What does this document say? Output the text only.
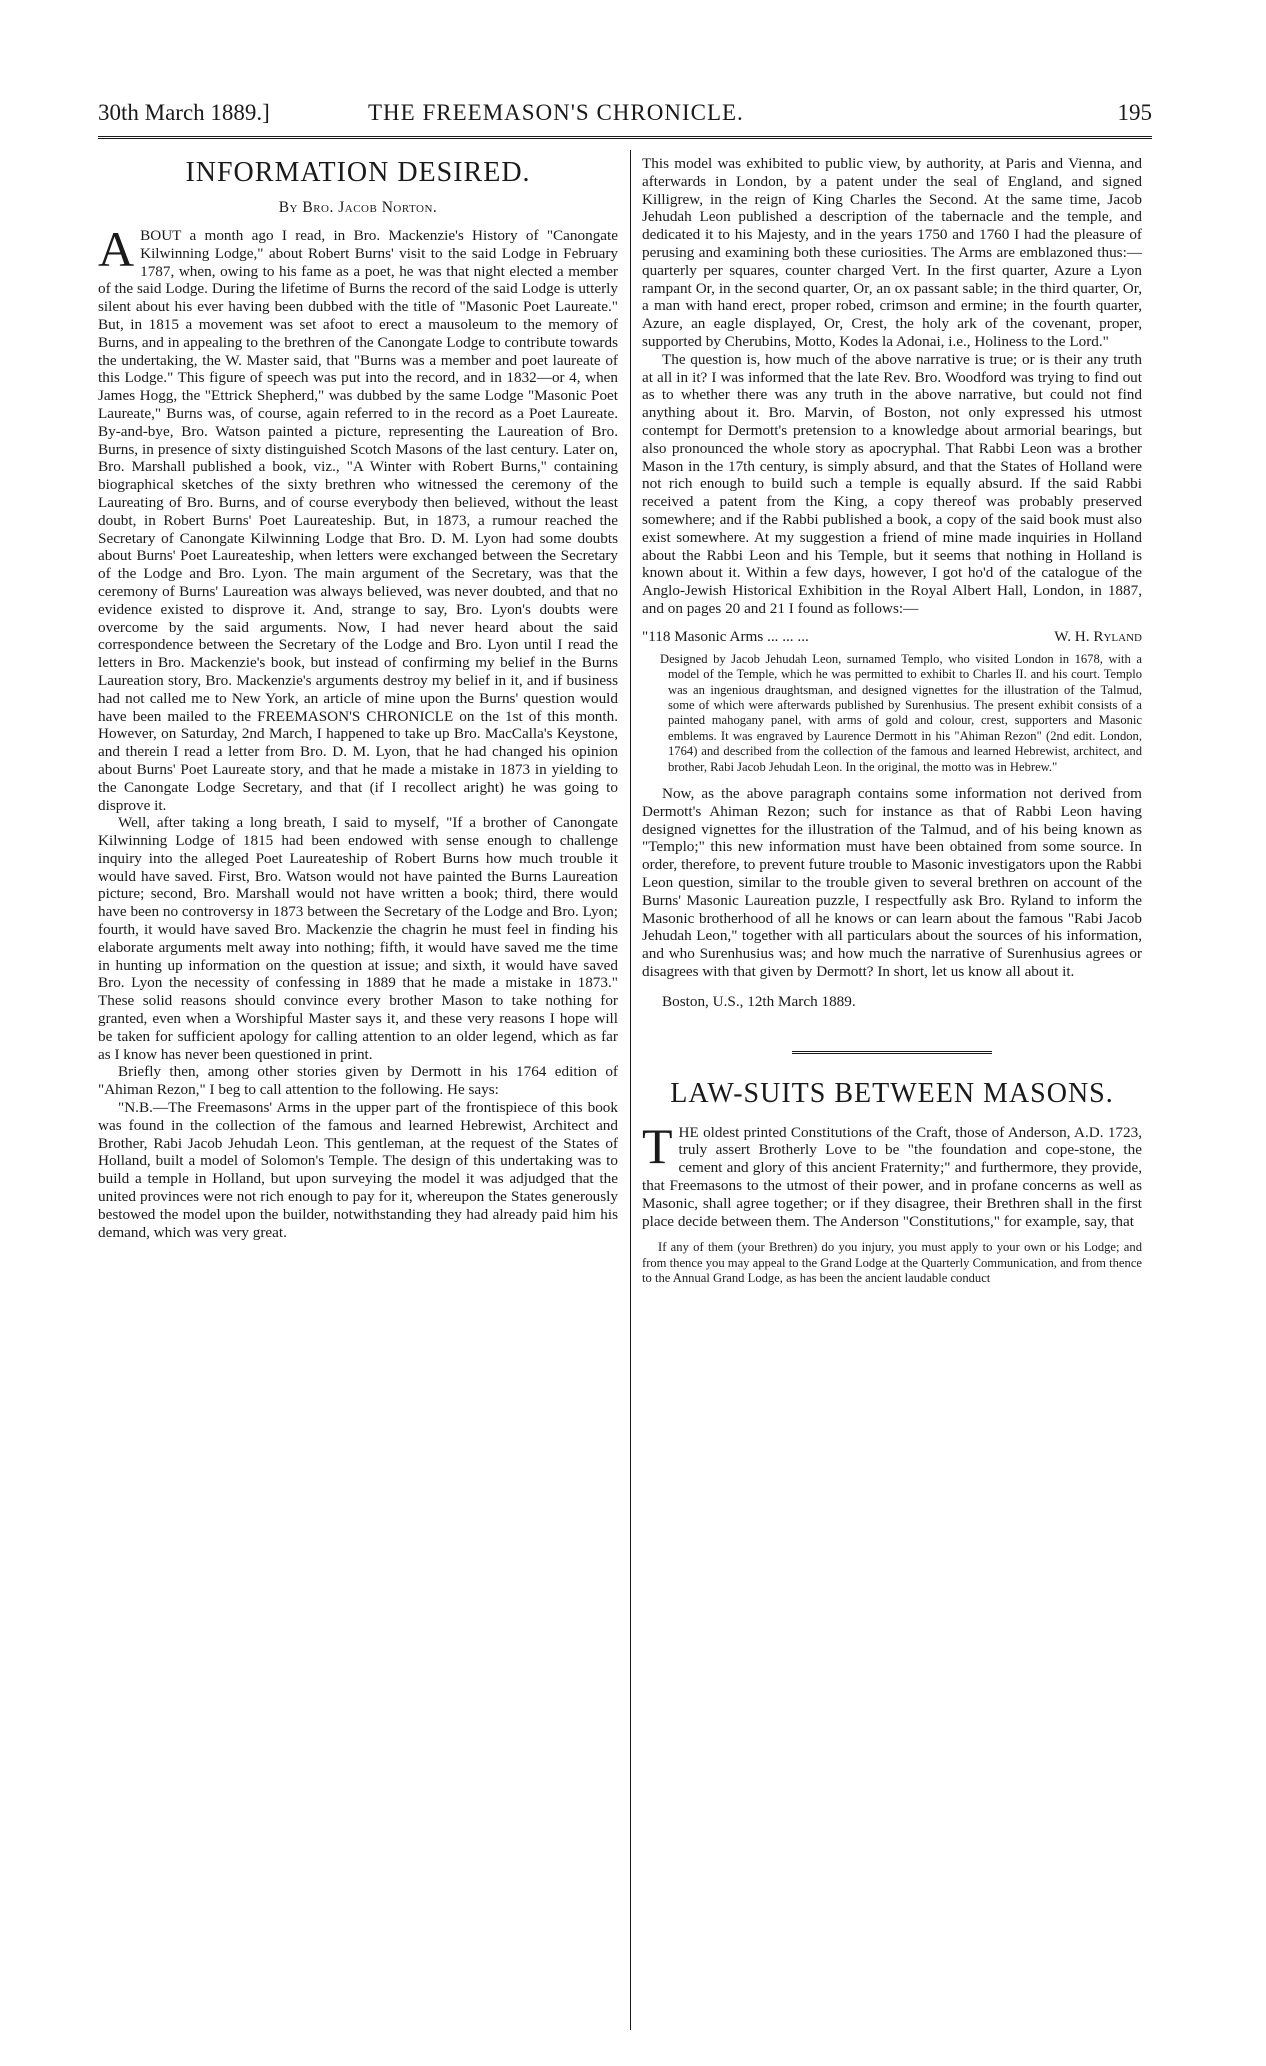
30th March 1889.]	THE FREEMASON'S CHRONICLE.	195
INFORMATION DESIRED.
By Bro. Jacob Norton.
A BOUT a month ago I read, in Bro. Mackenzie's History of "Canongate Kilwinning Lodge," about Robert Burns' visit to the said Lodge in February 1787, when, owing to his fame as a poet, he was that night elected a member of the said Lodge. During the lifetime of Burns the record of the said Lodge is utterly silent about his ever having been dubbed with the title of "Masonic Poet Laureate." But, in 1815 a movement was set afoot to erect a mausoleum to the memory of Burns, and in appealing to the brethren of the Canongate Lodge to contribute towards the undertaking, the W. Master said, that "Burns was a member and poet laureate of this Lodge." This figure of speech was put into the record, and in 1832—or 4, when James Hogg, the "Ettrick Shepherd," was dubbed by the same Lodge "Masonic Poet Laureate," Burns was, of course, again referred to in the record as a Poet Laureate. By-and-bye, Bro. Watson painted a picture, representing the Laureation of Bro. Burns, in presence of sixty distinguished Scotch Masons of the last century. Later on, Bro. Marshall published a book, viz., "A Winter with Robert Burns," containing biographical sketches of the sixty brethren who witnessed the ceremony of the Laureating of Bro. Burns, and of course everybody then believed, without the least doubt, in Robert Burns' Poet Laureateship. But, in 1873, a rumour reached the Secretary of Canongate Kilwinning Lodge that Bro. D. M. Lyon had some doubts about Burns' Poet Laureateship, when letters were exchanged between the Secretary of the Lodge and Bro. Lyon. The main argument of the Secretary, was that the ceremony of Burns' Laureation was always believed, was never doubted, and that no evidence existed to disprove it. And, strange to say, Bro. Lyon's doubts were overcome by the said arguments. Now, I had never heard about the said correspondence between the Secretary of the Lodge and Bro. Lyon until I read the letters in Bro. Mackenzie's book, but instead of confirming my belief in the Burns Laureation story, Bro. Mackenzie's arguments destroy my belief in it, and if business had not called me to New York, an article of mine upon the Burns' question would have been mailed to the FREEMASON'S CHRONICLE on the 1st of this month. However, on Saturday, 2nd March, I happened to take up Bro. MacCalla's Keystone, and therein I read a letter from Bro. D. M. Lyon, that he had changed his opinion about Burns' Poet Laureate story, and that he made a mistake in 1873 in yielding to the Canongate Lodge Secretary, and that (if I recollect aright) he was going to disprove it.

Well, after taking a long breath, I said to myself, "If a brother of Canongate Kilwinning Lodge of 1815 had been endowed with sense enough to challenge inquiry into the alleged Poet Laureateship of Robert Burns how much trouble it would have saved. First, Bro. Watson would not have painted the Burns Laureation picture; second, Bro. Marshall would not have written a book; third, there would have been no controversy in 1873 between the Secretary of the Lodge and Bro. Lyon; fourth, it would have saved Bro. Mackenzie the chagrin he must feel in finding his elaborate arguments melt away into nothing; fifth, it would have saved me the time in hunting up information on the question at issue; and sixth, it would have saved Bro. Lyon the necessity of confessing in 1889 that he made a mistake in 1873." These solid reasons should convince every brother Mason to take nothing for granted, even when a Worshipful Master says it, and these very reasons I hope will be taken for sufficient apology for calling attention to an older legend, which as far as I know has never been questioned in print.

Briefly then, among other stories given by Dermott in his 1764 edition of "Ahiman Rezon," I beg to call attention to the following. He says:

"N.B.—The Freemasons' Arms in the upper part of the frontispiece of this book was found in the collection of the famous and learned Hebrewist, Architect and Brother, Rabi Jacob Jehudah Leon. This gentleman, at the request of the States of Holland, built a model of Solomon's Temple. The design of this undertaking was to build a temple in Holland, but upon surveying the model it was adjudged that the united provinces were not rich enough to pay for it, whereupon the States generously bestowed the model upon the builder, notwithstanding they had already paid him his demand, which was very great.

This model was exhibited to public view, by authority, at Paris and Vienna, and afterwards in London, by a patent under the seal of England, and signed Killigrew, in the reign of King Charles the Second. At the same time, Jacob Jehudah Leon published a description of the tabernacle and the temple, and dedicated it to his Majesty, and in the years 1750 and 1760 I had the pleasure of perusing and examining both these curiosities. The Arms are emblazoned thus:—quarterly per squares, counter charged Vert. In the first quarter, Azure a Lyon rampant Or, in the second quarter, Or, an ox passant sable; in the third quarter, Or, a man with hand erect, proper robed, crimson and ermine; in the fourth quarter, Azure, an eagle displayed, Or, Crest, the holy ark of the covenant, proper, supported by Cherubins, Motto, Kodes la Adonai, i.e., Holiness to the Lord."

The question is, how much of the above narrative is true; or is their any truth at all in it? I was informed that the late Rev. Bro. Woodford was trying to find out as to whether there was any truth in the above narrative, but could not find anything about it. Bro. Marvin, of Boston, not only expressed his utmost contempt for Dermott's pretension to a knowledge about armorial bearings, but also pronounced the whole story as apocryphal. That Rabbi Leon was a brother Mason in the 17th century, is simply absurd, and that the States of Holland were not rich enough to build such a temple is equally absurd. If the said Rabbi received a patent from the King, a copy thereof was probably preserved somewhere; and if the Rabbi published a book, a copy of the said book must also exist somewhere. At my suggestion a friend of mine made inquiries in Holland about the Rabbi Leon and his Temple, but it seems that nothing in Holland is known about it. Within a few days, however, I got ho'd of the catalogue of the Anglo-Jewish Historical Exhibition in the Royal Albert Hall, London, in 1887, and on pages 20 and 21 I found as follows:—

"118 Masonic Arms ... ... ...	W. H. Ryland

Designed by Jacob Jehudah Leon, surnamed Templo, who visited London in 1678, with a model of the Temple, which he was permitted to exhibit to Charles II. and his court. Templo was an ingenious draughtsman, and designed vignettes for the illustration of the Talmud, some of which were afterwards published by Surenhusius. The present exhibit consists of a painted mahogany panel, with arms of gold and colour, crest, supporters and Masonic emblems. It was engraved by Laurence Dermott in his "Ahiman Rezon" (2nd edit. London, 1764) and described from the collection of the famous and learned Hebrewist, architect, and brother, Rabi Jacob Jehudah Leon. In the original, the motto was in Hebrew."

Now, as the above paragraph contains some information not derived from Dermott's Ahiman Rezon; such for instance as that of Rabbi Leon having designed vignettes for the illustration of the Talmud, and of his being known as "Templo;" this new information must have been obtained from some source. In order, therefore, to prevent future trouble to Masonic investigators upon the Rabbi Leon question, similar to the trouble given to several brethren on account of the Burns' Masonic Laureation puzzle, I respectfully ask Bro. Ryland to inform the Masonic brotherhood of all he knows or can learn about the famous "Rabi Jacob Jehudah Leon," together with all particulars about the sources of his information, and who Surenhusius was; and how much the narrative of Surenhusius agrees or disagrees with that given by Dermott? In short, let us know all about it.

Boston, U.S., 12th March 1889.

LAW-SUITS BETWEEN MASONS.
T HE oldest printed Constitutions of the Craft, those of Anderson, A.D. 1723, truly assert Brotherly Love to be "the foundation and cope-stone, the cement and glory of this ancient Fraternity;" and furthermore, they provide, that Freemasons to the utmost of their power, and in profane concerns as well as Masonic, shall agree together; or if they disagree, their Brethren shall in the first place decide between them. The Anderson "Constitutions," for example, say, that

If any of them (your Brethren) do you injury, you must apply to your own or his Lodge; and from thence you may appeal to the Grand Lodge at the Quarterly Communication, and from thence to the Annual Grand Lodge, as has been the ancient laudable conduct
